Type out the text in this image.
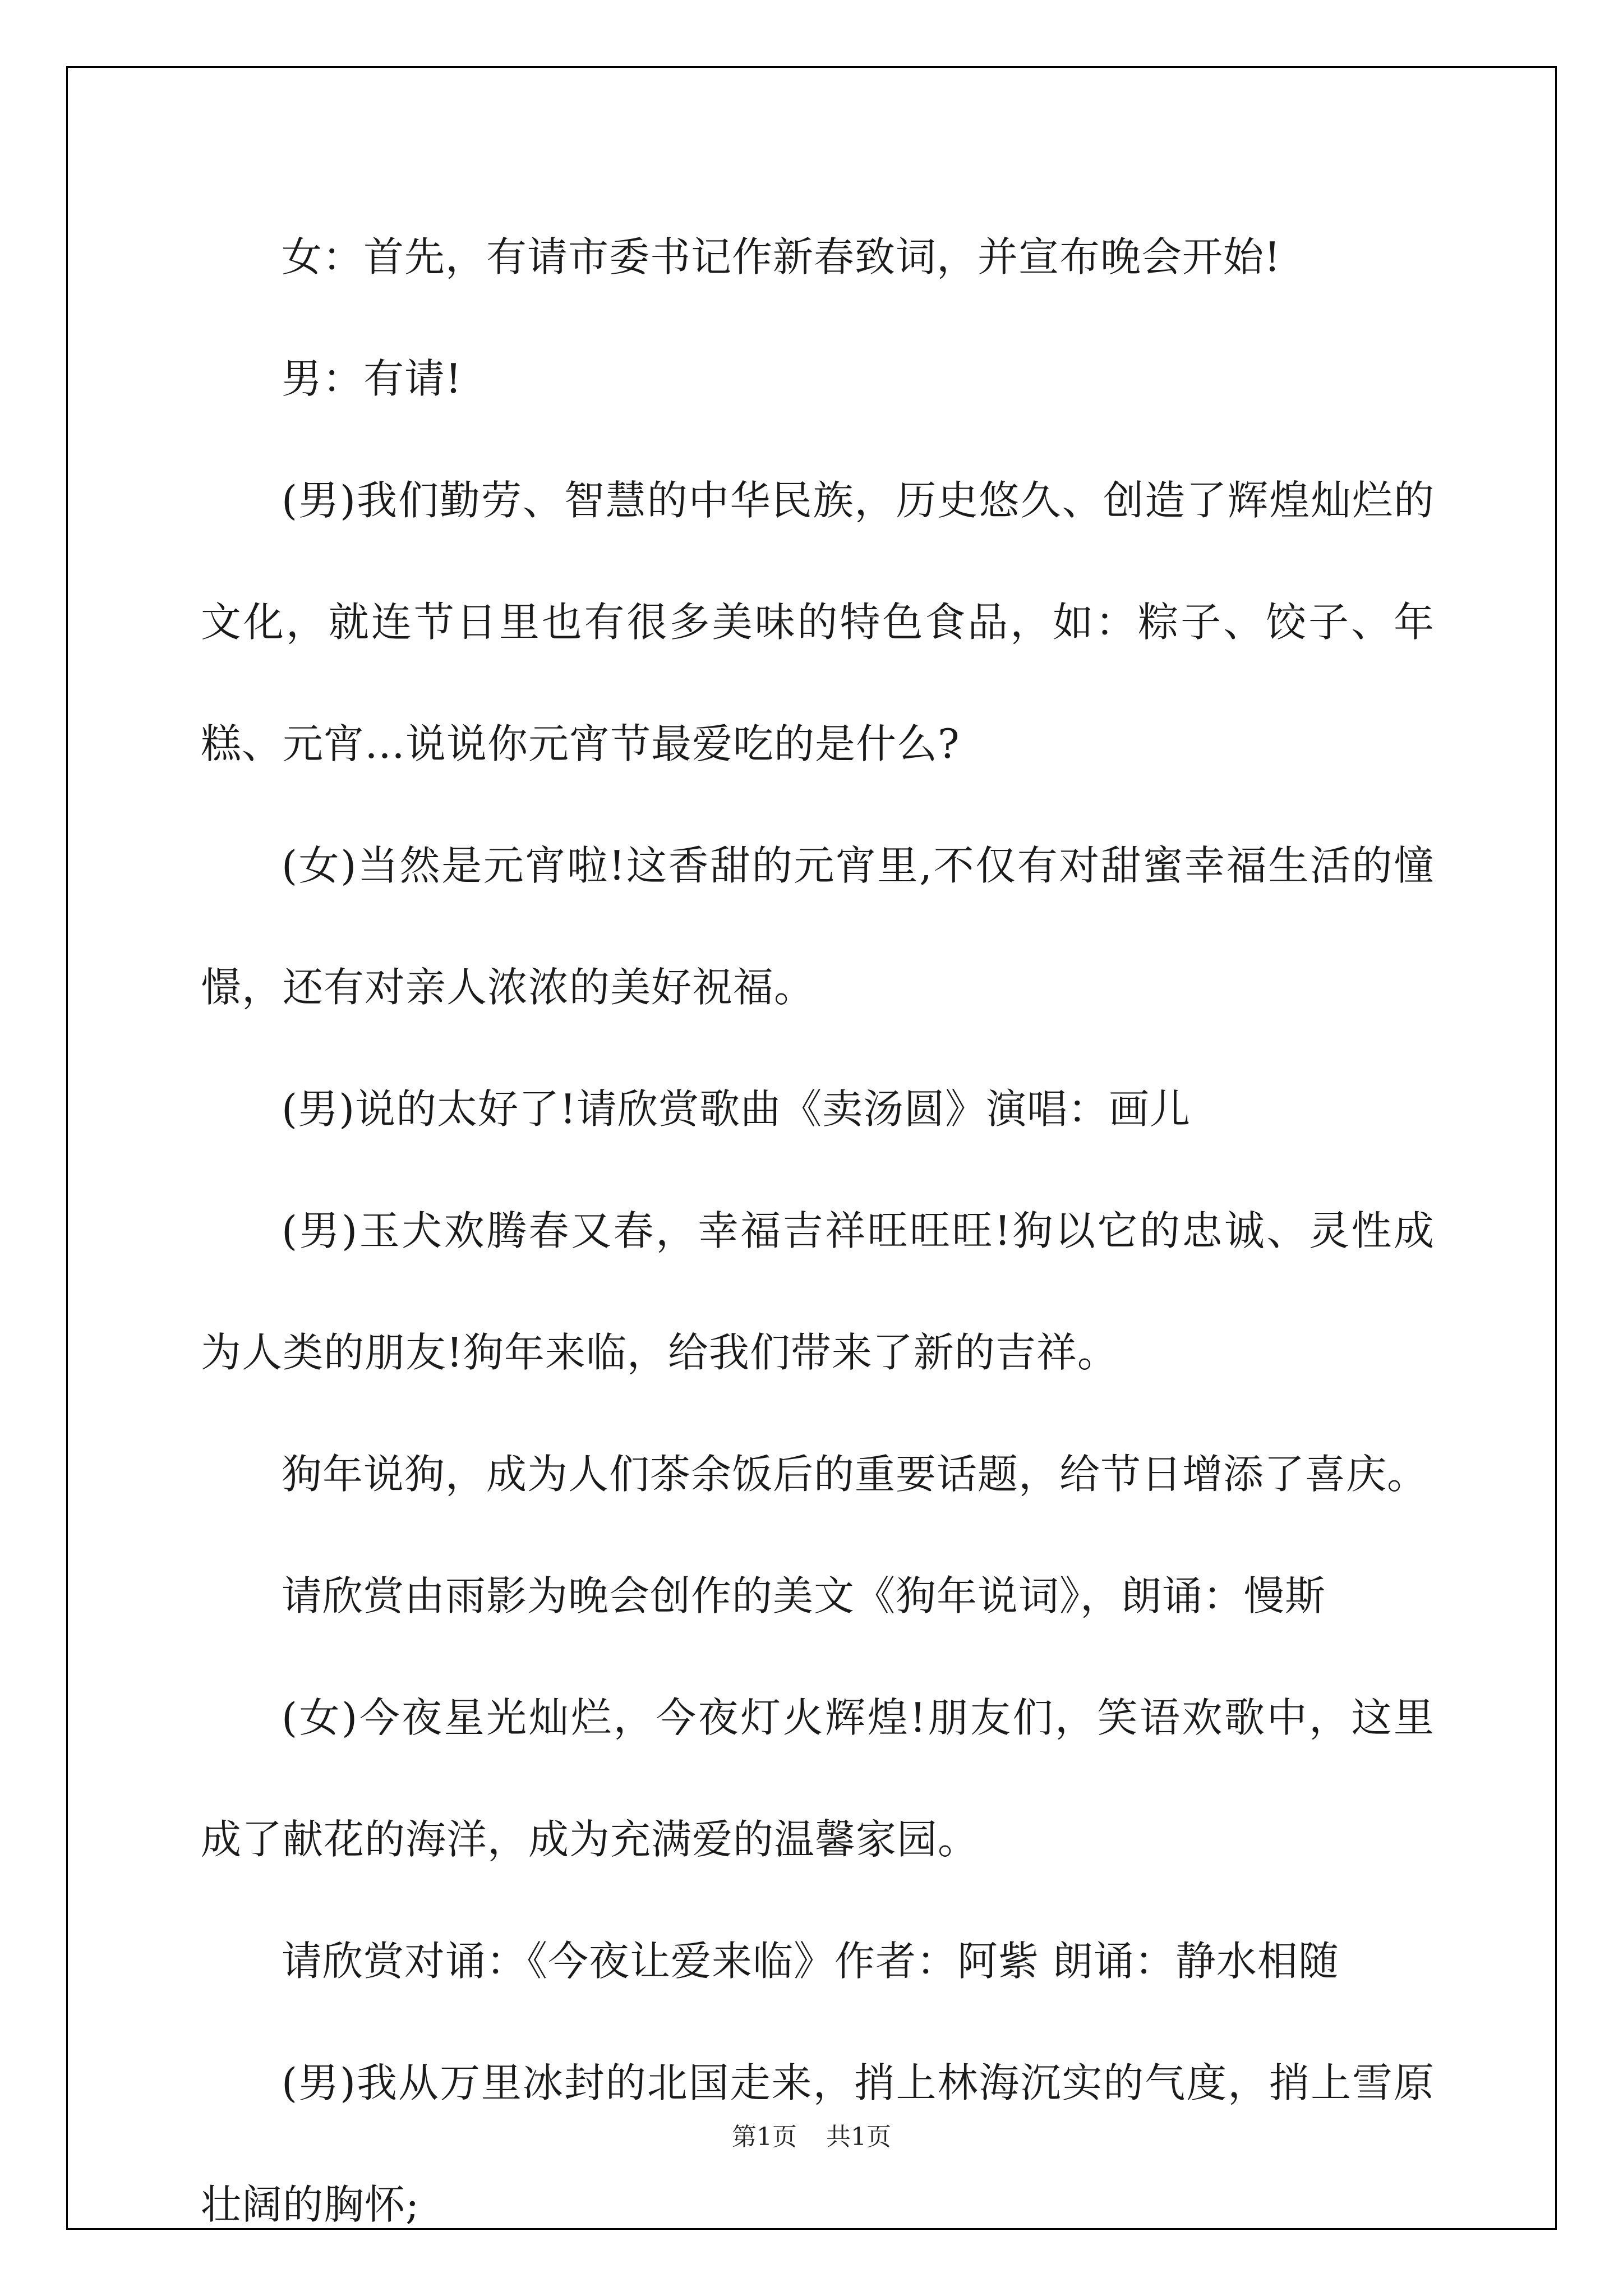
女：首先，有请市委书记作新春致词，并宣布晚会开始!

男：有请!

(男)我们勤劳、智慧的中华民族，历史悠久、创造了辉煌灿烂的文化，就连节日里也有很多美味的特色食品，如：粽子、饺子、年糕、元宵…说说你元宵节最爱吃的是什么?

(女)当然是元宵啦!这香甜的元宵里,不仅有对甜蜜幸福生活的憧憬，还有对亲人浓浓的美好祝福。

(男)说的太好了!请欣赏歌曲《卖汤圆》演唱：画儿

(男)玉犬欢腾春又春，幸福吉祥旺旺旺!狗以它的忠诚、灵性成为人类的朋友!狗年来临，给我们带来了新的吉祥。

狗年说狗，成为人们茶余饭后的重要话题，给节日增添了喜庆。

请欣赏由雨影为晚会创作的美文《狗年说词》，朗诵：慢斯

(女)今夜星光灿烂，今夜灯火辉煌!朋友们，笑语欢歌中，这里成了献花的海洋，成为充满爱的温馨家园。

请欣赏对诵：《今夜让爱来临》作者：阿紫 朗诵：静水相随

(男)我从万里冰封的北国走来，捎上林海沉实的气度，捎上雪原壮阔的胸怀;

第1页 共1页
